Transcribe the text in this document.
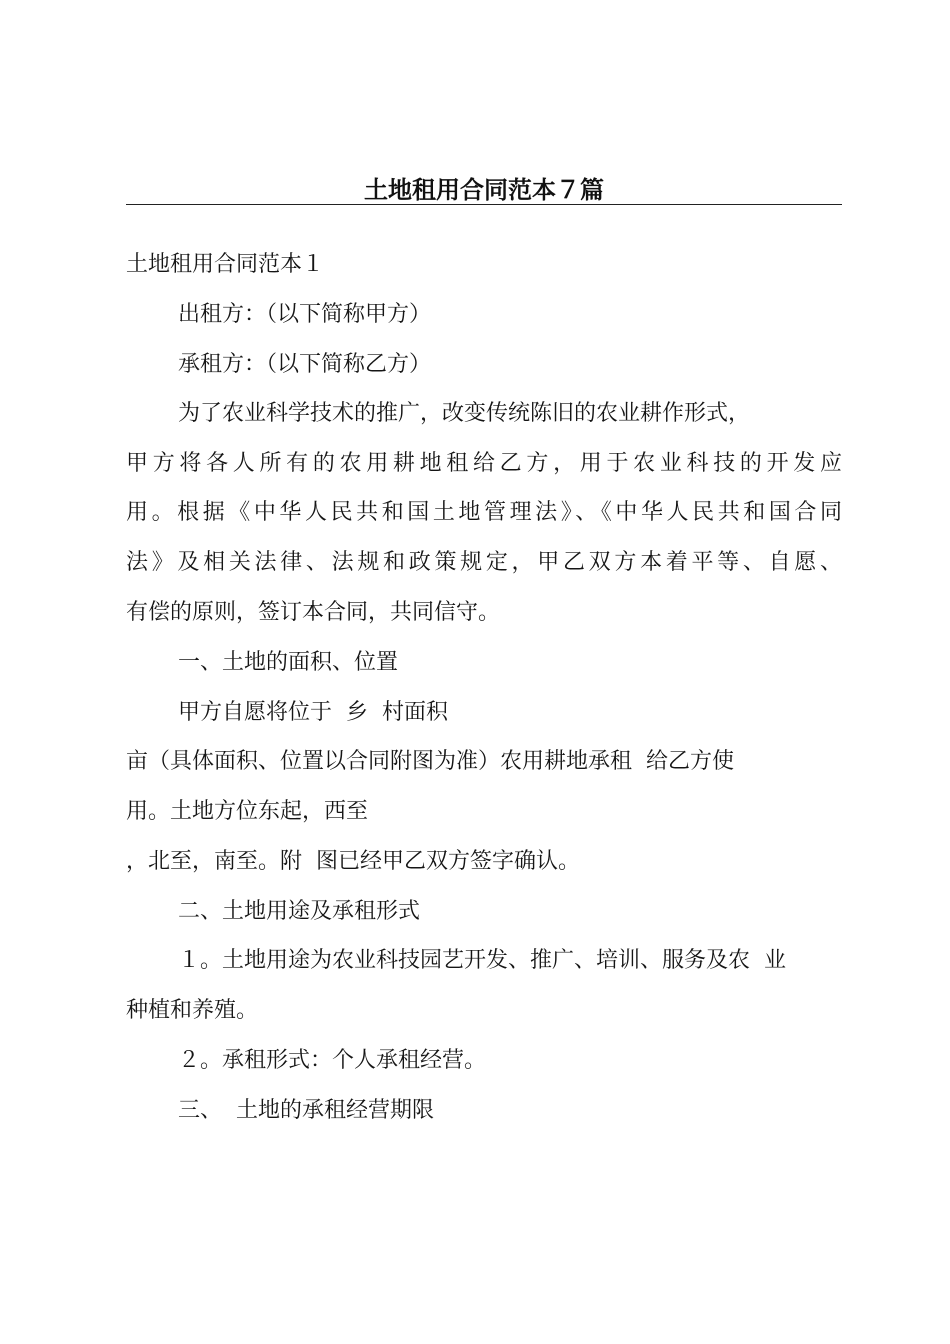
土地租用合同范本７篇
土地租用合同范本１
出租方：（以下简称甲方）
承租方：（以下简称乙方）
为了农业科学技术的推广，改变传统陈旧的农业耕作形式，
甲方将各人所有的农用耕地租给乙方，用于农业科技的开发应
用。根据《中华人民共和国土地管理法》、《中华人民共和国合同
法》及相关法律、法规和政策规定，甲乙双方本着平等、自愿、
有偿的原则，签订本合同，共同信守。
一、土地的面积、位置
甲方自愿将位于  乡  村面积
亩（具体面积、位置以合同附图为准）农用耕地承租  给乙方使
用。土地方位东起，西至
，北至，南至。附  图已经甲乙双方签字确认。
二、土地用途及承租形式
１。土地用途为农业科技园艺开发、推广、培训、服务及农  业
种植和养殖。
２。承租形式：个人承租经营。
三、  土地的承租经营期限
